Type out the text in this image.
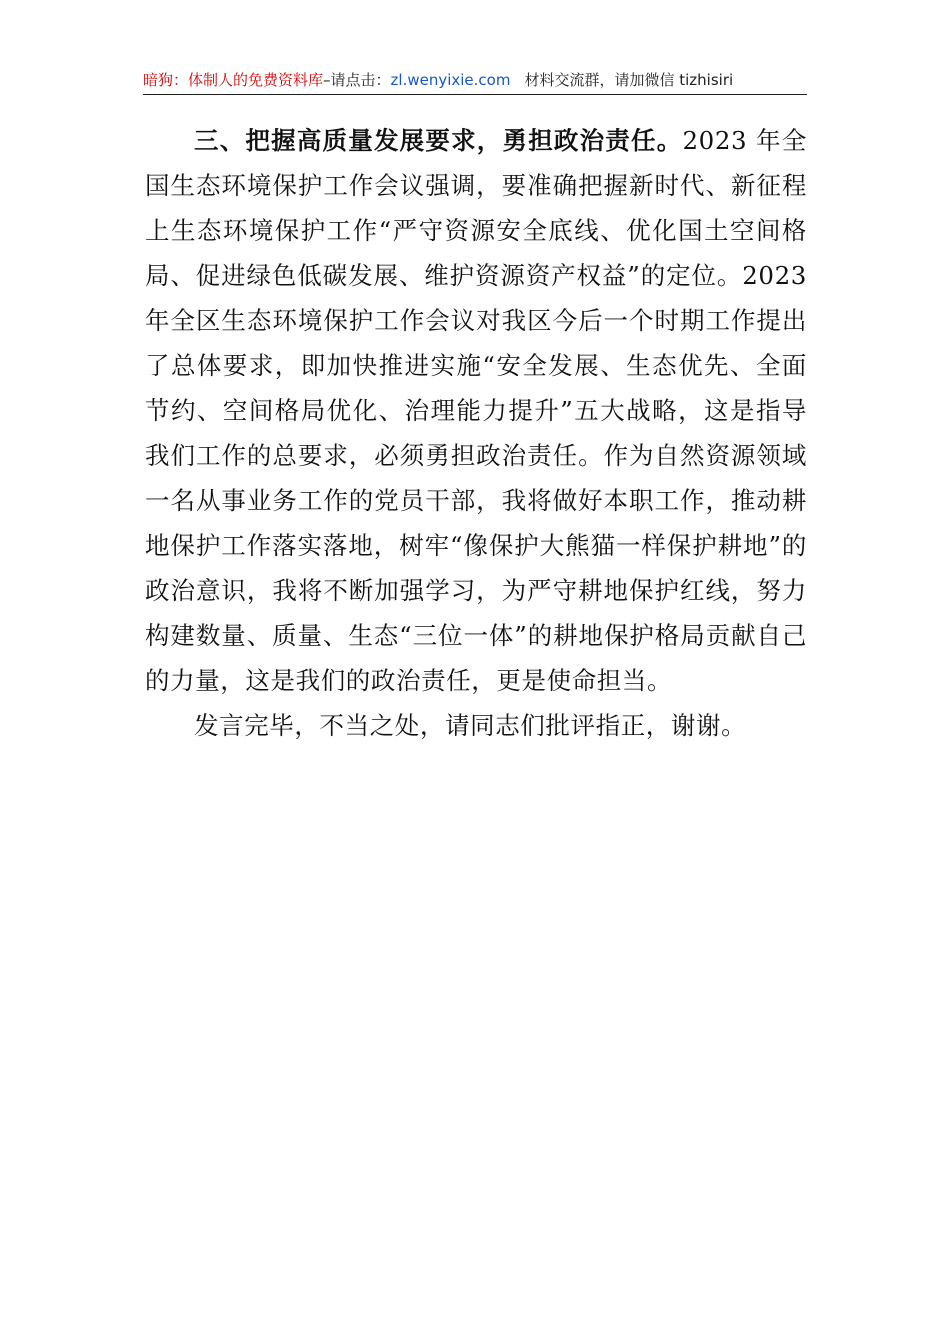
暗狗：体制人的免费资料库–请点击：zl.wenyixie.com 材料交流群，请加微信 tizhisiri

三、把握高质量发展要求，勇担政治责任。2023 年全国生态环境保护工作会议强调，要准确把握新时代、新征程上生态环境保护工作“严守资源安全底线、优化国土空间格局、促进绿色低碳发展、维护资源资产权益”的定位。2023 年全区生态环境保护工作会议对我区今后一个时期工作提出了总体要求，即加快推进实施“安全发展、生态优先、全面节约、空间格局优化、治理能力提升”五大战略，这是指导我们工作的总要求，必须勇担政治责任。作为自然资源领域一名从事业务工作的党员干部，我将做好本职工作，推动耕地保护工作落实落地，树牢“像保护大熊猫一样保护耕地”的政治意识，我将不断加强学习，为严守耕地保护红线，努力构建数量、质量、生态“三位一体”的耕地保护格局贡献自己的力量，这是我们的政治责任，更是使命担当。

发言完毕，不当之处，请同志们批评指正，谢谢。
